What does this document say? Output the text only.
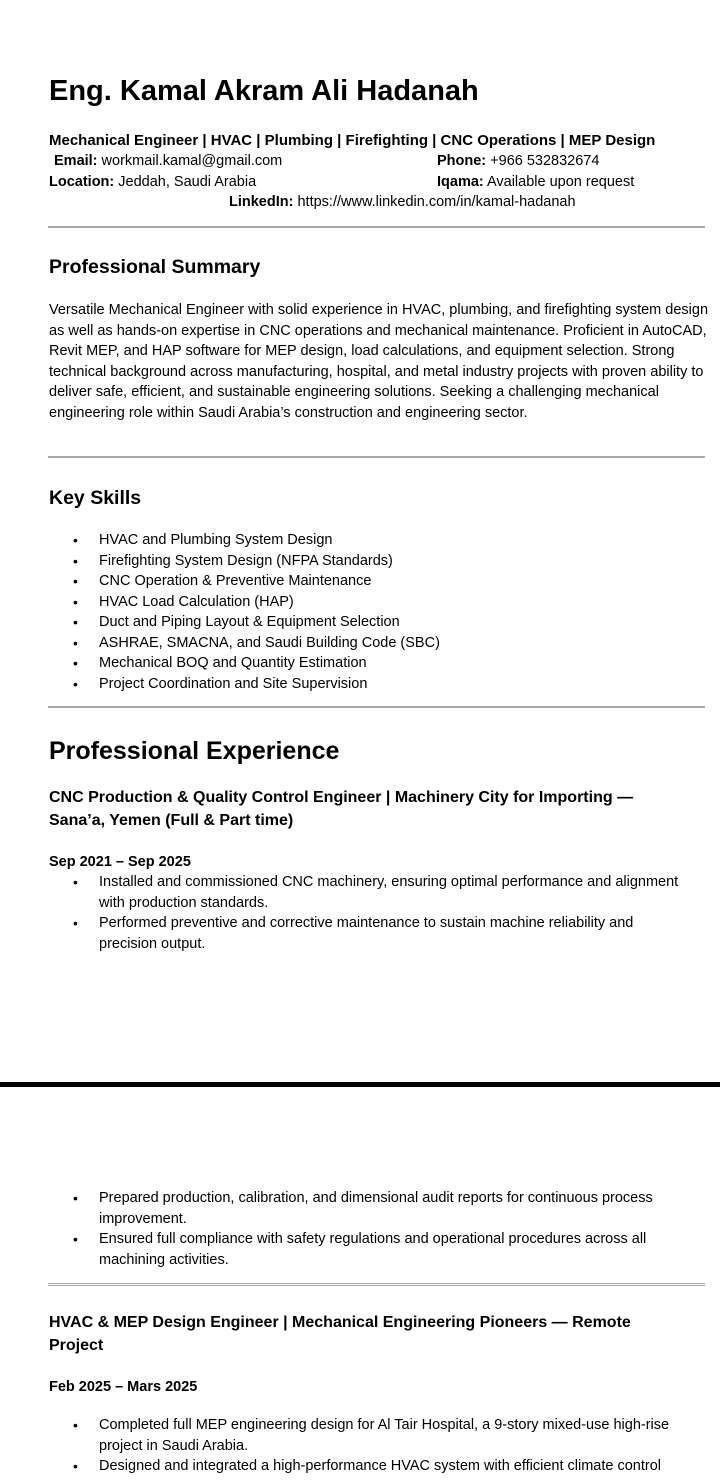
Eng. Kamal Akram Ali Hadanah
Mechanical Engineer | HVAC | Plumbing | Firefighting | CNC Operations | MEP Design
Email: workmail.kamal@gmail.com	Phone: +966 532832674
Location: Jeddah, Saudi Arabia	Iqama: Available upon request
LinkedIn: https://www.linkedin.com/in/kamal-hadanah
Professional Summary

Versatile Mechanical Engineer with solid experience in HVAC, plumbing, and firefighting system design as well as hands-on expertise in CNC operations and mechanical maintenance. Proficient in AutoCAD, Revit MEP, and HAP software for MEP design, load calculations, and equipment selection. Strong technical background across manufacturing, hospital, and metal industry projects with proven ability to deliver safe, efficient, and sustainable engineering solutions. Seeking a challenging mechanical engineering role within Saudi Arabia’s construction and engineering sector.

Key Skills
• HVAC and Plumbing System Design
• Firefighting System Design (NFPA Standards)
• CNC Operation & Preventive Maintenance
• HVAC Load Calculation (HAP)
• Duct and Piping Layout & Equipment Selection
• ASHRAE, SMACNA, and Saudi Building Code (SBC)
• Mechanical BOQ and Quantity Estimation
• Project Coordination and Site Supervision
Professional Experience
CNC Production & Quality Control Engineer | Machinery City for Importing — Sana’a, Yemen (Full & Part time)
Sep 2021 – Sep 2025
• Installed and commissioned CNC machinery, ensuring optimal performance and alignment with production standards.
• Performed preventive and corrective maintenance to sustain machine reliability and precision output.
• Prepared production, calibration, and dimensional audit reports for continuous process improvement.
• Ensured full compliance with safety regulations and operational procedures across all machining activities.
HVAC & MEP Design Engineer | Mechanical Engineering Pioneers — Remote Project
Feb 2025 – Mars 2025
• Completed full MEP engineering design for Al Tair Hospital, a 9-story mixed-use high-rise project in Saudi Arabia.
• Designed and integrated a high-performance HVAC system with efficient climate control
